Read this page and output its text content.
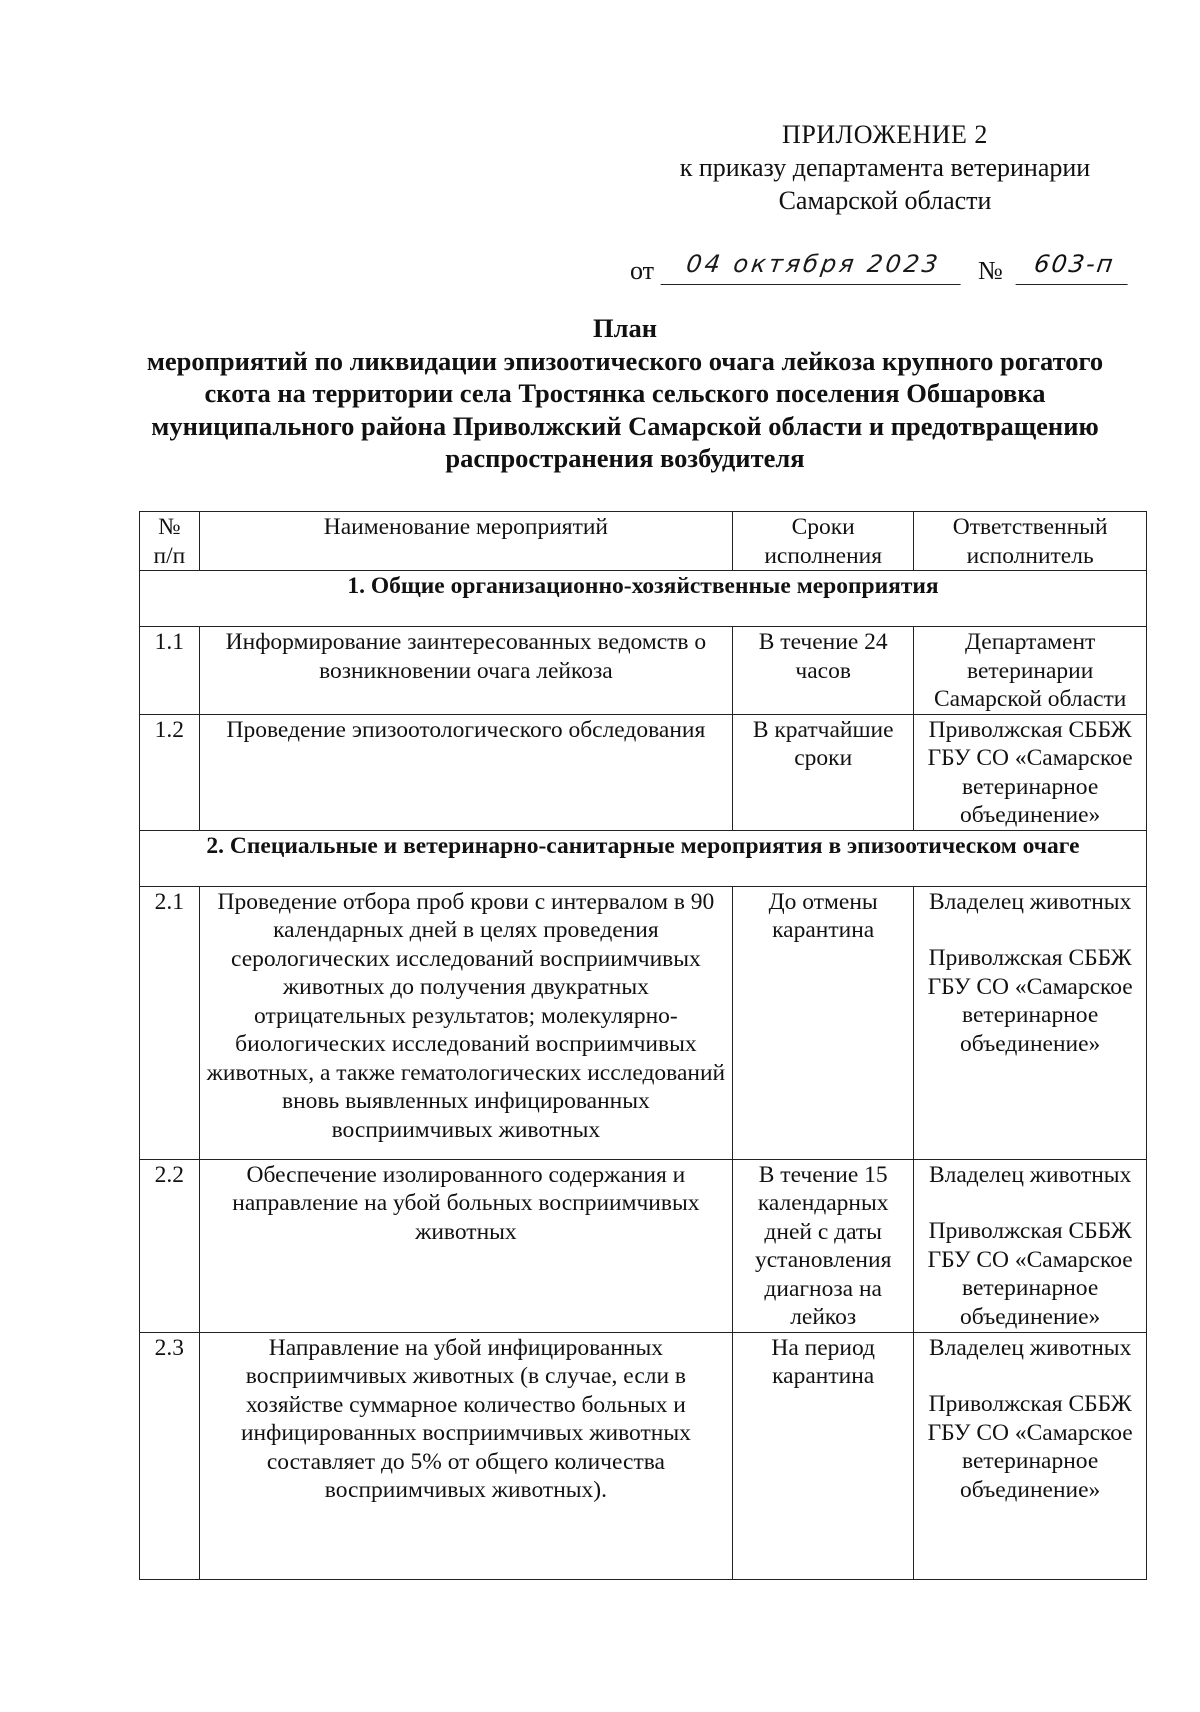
ПРИЛОЖЕНИЕ 2
к приказу департамента ветеринарии
Самарской области
от	04 октября 2023	№	603-п
План
мероприятий по ликвидации эпизоотического очага лейкоза крупного рогатого скота на территории села Тростянка сельского поселения Обшаровка муниципального района Приволжский Самарской области и предотвращению распространения возбудителя
№ п/п	Наименование мероприятий	Сроки исполнения	Ответственный исполнитель
1. Общие организационно-хозяйственные мероприятия			
1.1	Информирование заинтересованных ведомств о возникновении очага лейкоза	В течение 24 часов	Департамент ветеринарии Самарской области

1.2	Проведение эпизоотологического обследования	В кратчайшие сроки	Приволжская СББЖ ГБУ СО «Самарское ветеринарное объединение»

2. Специальные и ветеринарно-санитарные мероприятия в эпизоотическом очаге			
2.1	Проведение отбора проб крови с интервалом в 90 календарных дней в целях проведения серологических исследований восприимчивых животных до получения двукратных отрицательных результатов; молекулярно-биологических исследований восприимчивых животных, а также гематологических исследований вновь выявленных инфицированных восприимчивых животных	До отмены карантина	Владелец животных

Приволжская СББЖ ГБУ СО «Самарское ветеринарное объединение»

2.2	Обеспечение изолированного содержания и направление на убой больных восприимчивых животных	В течение 15 календарных дней с даты установления диагноза на лейкоз	Владелец животных

Приволжская СББЖ ГБУ СО «Самарское ветеринарное объединение»

2.3	Направление на убой инфицированных восприимчивых животных (в случае, если в хозяйстве суммарное количество больных и инфицированных восприимчивых животных составляет до 5% от общего количества восприимчивых животных).	На период карантина	Владелец животных

Приволжская СББЖ ГБУ СО «Самарское ветеринарное объединение»
